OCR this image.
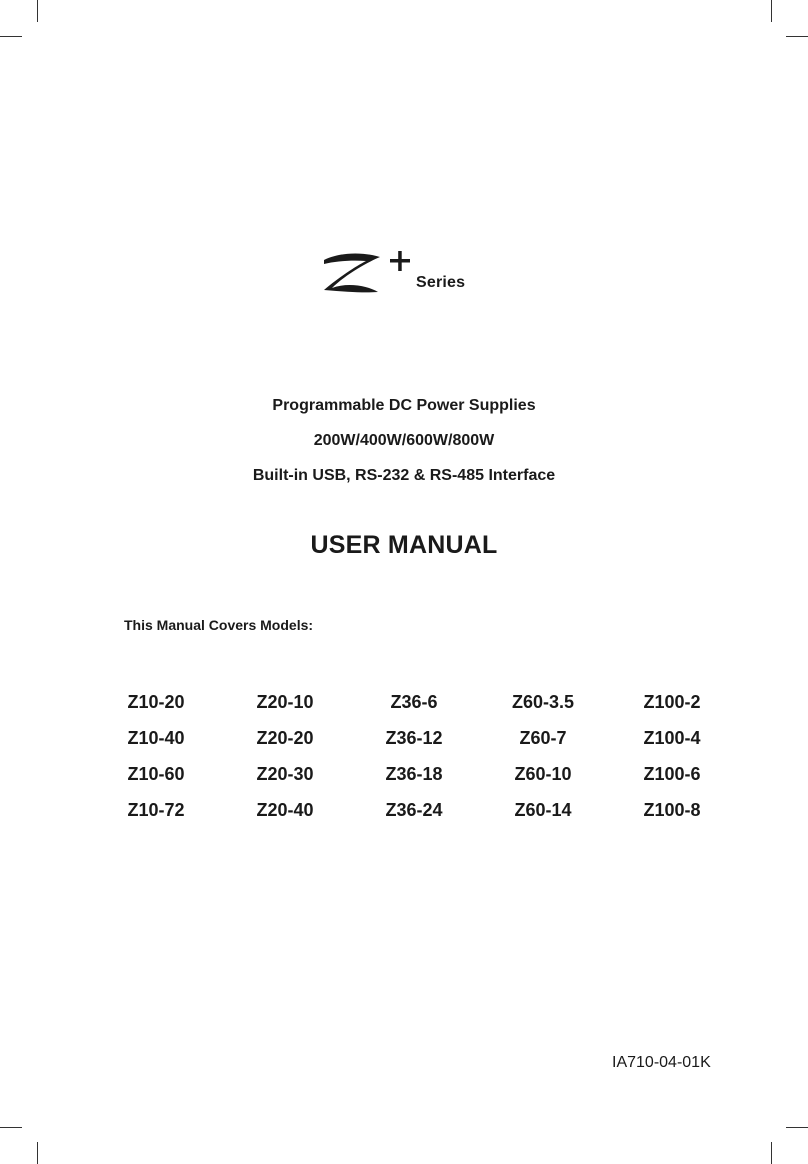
Series
Programmable DC Power Supplies
200W/400W/600W/800W
Built-in USB, RS-232 & RS-485 Interface
USER MANUAL
This Manual Covers Models:
Z10-20
Z10-40
Z10-60
Z10-72
Z20-10
Z20-20
Z20-30
Z20-40
Z36-6
Z36-12
Z36-18
Z36-24
Z60-3.5
Z60-7
Z60-10
Z60-14
Z100-2
Z100-4
Z100-6
Z100-8
IA710-04-01K
